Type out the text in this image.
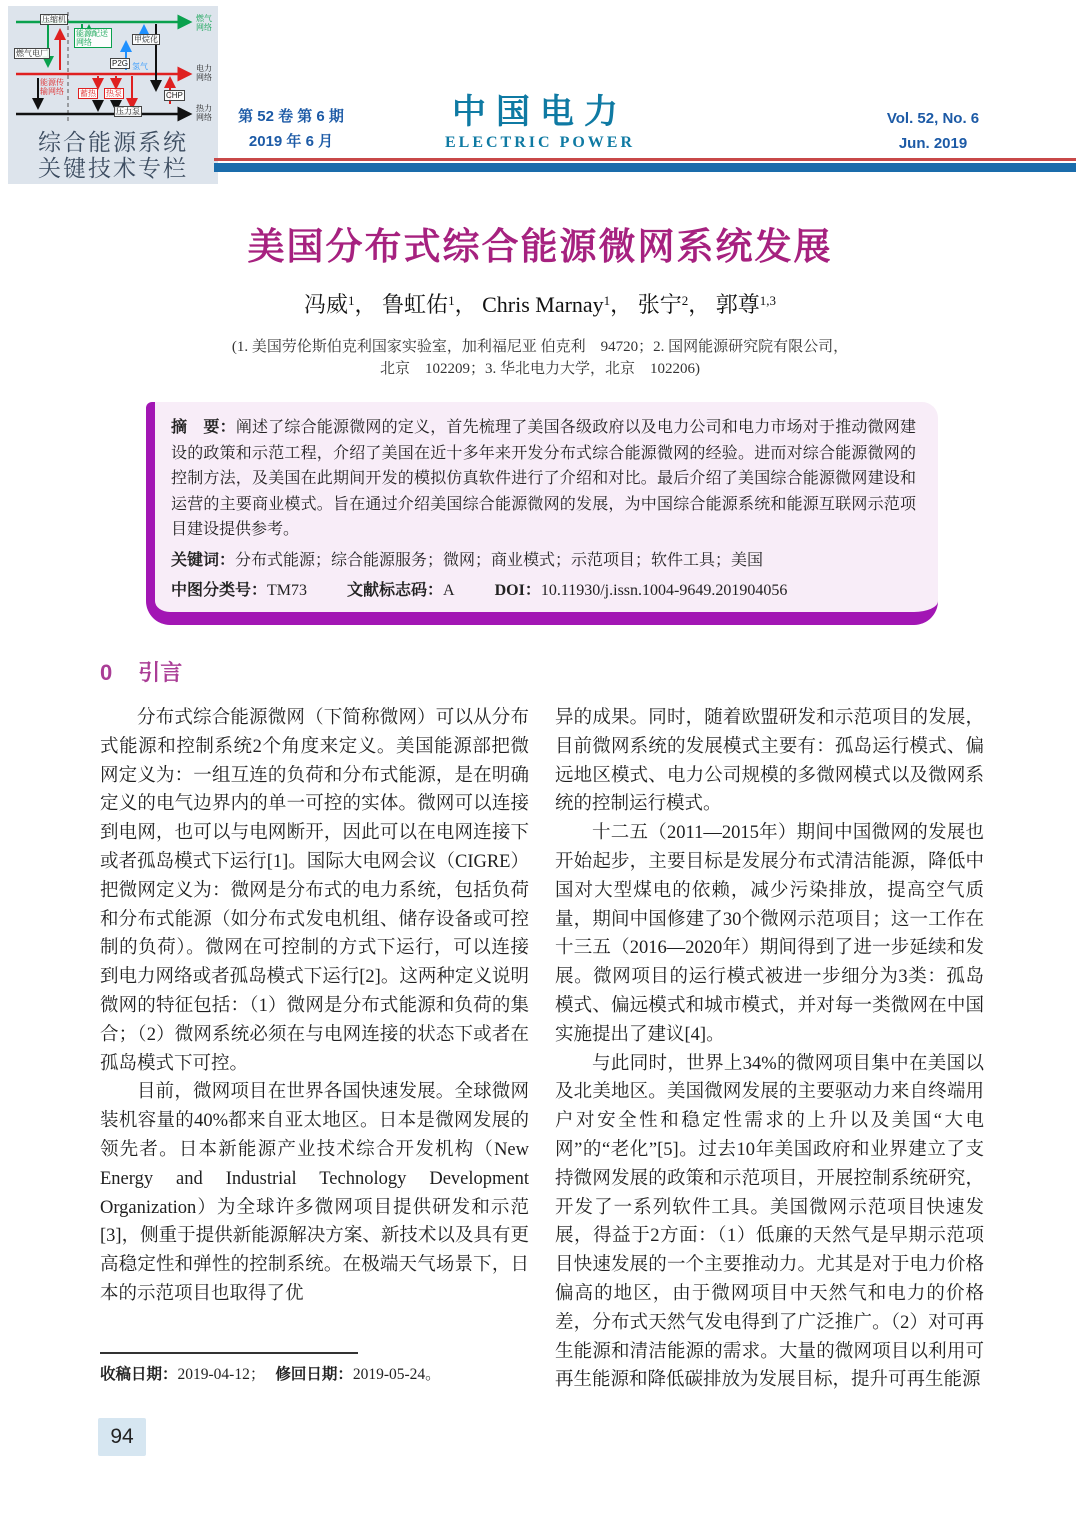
压缩机
燃气电厂
能源配送网络	甲烷化
P2G
蓄热 热泵	CHP
压力泵
氢气
能源传输网络
燃气网络
电力网络
热力网络
综合能源系统
关键技术专栏
第 52 卷 第 6 期
2019 年 6 月
中国电力
ELECTRIC POWER
Vol. 52, No. 6
Jun. 2019
美国分布式综合能源微网系统发展
冯威$^1$， 鲁虹佑$^1$， Chris Marnay$^1$， 张宁$^2$， 郭尊$^{1,3}$
(1. 美国劳伦斯伯克利国家实验室，加利福尼亚 伯克利　94720；2. 国网能源研究院有限公司，
北京　102209；3. 华北电力大学，北京　102206)

摘　要：阐述了综合能源微网的定义，首先梳理了美国各级政府以及电力公司和电力市场对于推动微网建设的政策和示范工程，介绍了美国在近十多年来开发分布式综合能源微网的经验。进而对综合能源微网的控制方法，及美国在此期间开发的模拟仿真软件进行了介绍和对比。最后介绍了美国综合能源微网建设和运营的主要商业模式。旨在通过介绍美国综合能源微网的发展，为中国综合能源系统和能源互联网示范项目建设提供参考。

关键词：分布式能源；综合能源服务；微网；商业模式；示范项目；软件工具；美国

中图分类号：TM73	文献标志码：A	DOI：10.11930/j.issn.1004-9649.201904056

0 引言

分布式综合能源微网（下简称微网）可以从分布式能源和控制系统2个角度来定义。美国能源部把微网定义为：一组互连的负荷和分布式能源，是在明确定义的电气边界内的单一可控的实体。微网可以连接到电网，也可以与电网断开，因此可以在电网连接下或者孤岛模式下运行[1]。国际大电网会议（CIGRE）把微网定义为：微网是分布式的电力系统，包括负荷和分布式能源（如分布式发电机组、储存设备或可控制的负荷）。微网在可控制的方式下运行，可以连接到电力网络或者孤岛模式下运行[2]。这两种定义说明微网的特征包括：（1）微网是分布式能源和负荷的集合；（2）微网系统必须在与电网连接的状态下或者在孤岛模式下可控。

目前，微网项目在世界各国快速发展。全球微网装机容量的40%都来自亚太地区。日本是微网发展的领先者。日本新能源产业技术综合开发机构（New Energy and Industrial Technology Development Organization）为全球许多微网项目提供研发和示范[3]，侧重于提供新能源解决方案、新技术以及具有更高稳定性和弹性的控制系统。在极端天气场景下，日本的示范项目也取得了优

异的成果。同时，随着欧盟研发和示范项目的发展，目前微网系统的发展模式主要有：孤岛运行模式、偏远地区模式、电力公司规模的多微网模式以及微网系统的控制运行模式。

十二五（2011—2015年）期间中国微网的发展也开始起步，主要目标是发展分布式清洁能源，降低中国对大型煤电的依赖，减少污染排放，提高空气质量，期间中国修建了30个微网示范项目；这一工作在十三五（2016—2020年）期间得到了进一步延续和发展。微网项目的运行模式被进一步细分为3类：孤岛模式、偏远模式和城市模式，并对每一类微网在中国实施提出了建议[4]。

与此同时，世界上34%的微网项目集中在美国以及北美地区。美国微网发展的主要驱动力来自终端用户对安全性和稳定性需求的上升以及美国“大电网”的“老化”[5]。过去10年美国政府和业界建立了支持微网发展的政策和示范项目，开展控制系统研究，开发了一系列软件工具。美国微网示范项目快速发展，得益于2方面：（1）低廉的天然气是早期示范项目快速发展的一个主要推动力。尤其是对于电力价格偏高的地区，由于微网项目中天然气和电力的价格差，分布式天然气发电得到了广泛推广。（2）对可再生能源和清洁能源的需求。大量的微网项目以利用可再生能源和降低碳排放为发展目标，提升可再生能源

收稿日期：2019-04-12； 修回日期：2019-05-24。
94
